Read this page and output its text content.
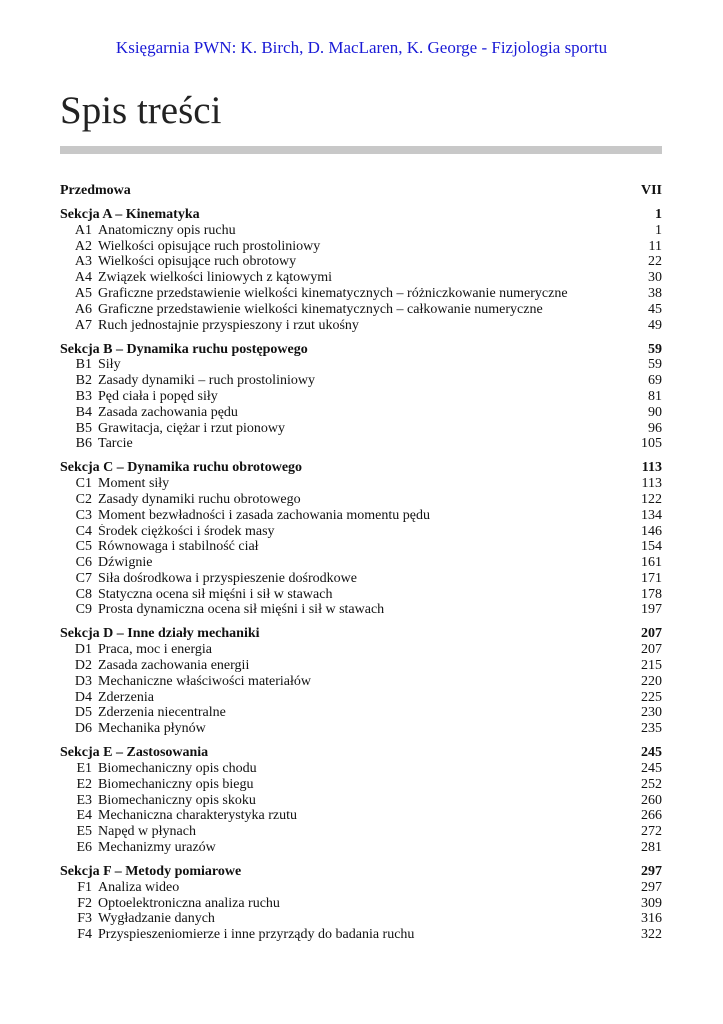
Księgarnia PWN: K. Birch, D. MacLaren, K. George - Fizjologia sportu
Spis treści
Przedmowa	VII
Sekcja A – Kinematyka	1
A1 Anatomiczny opis ruchu	1
A2 Wielkości opisujące ruch prostoliniowy	11
A3 Wielkości opisujące ruch obrotowy	22
A4 Związek wielkości liniowych z kątowymi	30
A5 Graficzne przedstawienie wielkości kinematycznych – różniczkowanie numeryczne	38
A6 Graficzne przedstawienie wielkości kinematycznych – całkowanie numeryczne	45
A7 Ruch jednostajnie przyspieszony i rzut ukośny	49
Sekcja B – Dynamika ruchu postępowego	59
B1 Siły	59
B2 Zasady dynamiki – ruch prostoliniowy	69
B3 Pęd ciała i popęd siły	81
B4 Zasada zachowania pędu	90
B5 Grawitacja, ciężar i rzut pionowy	96
B6 Tarcie	105
Sekcja C – Dynamika ruchu obrotowego	113
C1 Moment siły	113
C2 Zasady dynamiki ruchu obrotowego	122
C3 Moment bezwładności i zasada zachowania momentu pędu	134
C4 Środek ciężkości i środek masy	146
C5 Równowaga i stabilność ciał	154
C6 Dźwignie	161
C7 Siła dośrodkowa i przyspieszenie dośrodkowe	171
C8 Statyczna ocena sił mięśni i sił w stawach	178
C9 Prosta dynamiczna ocena sił mięśni i sił w stawach	197
Sekcja D – Inne działy mechaniki	207
D1 Praca, moc i energia	207
D2 Zasada zachowania energii	215
D3 Mechaniczne właściwości materiałów	220
D4 Zderzenia	225
D5 Zderzenia niecentralne	230
D6 Mechanika płynów	235
Sekcja E – Zastosowania	245
E1 Biomechaniczny opis chodu	245
E2 Biomechaniczny opis biegu	252
E3 Biomechaniczny opis skoku	260
E4 Mechaniczna charakterystyka rzutu	266
E5 Napęd w płynach	272
E6 Mechanizmy urazów	281
Sekcja F – Metody pomiarowe	297
F1 Analiza wideo	297
F2 Optoelektroniczna analiza ruchu	309
F3 Wygładzanie danych	316
F4 Przyspieszeniomierze i inne przyrządy do badania ruchu	322
